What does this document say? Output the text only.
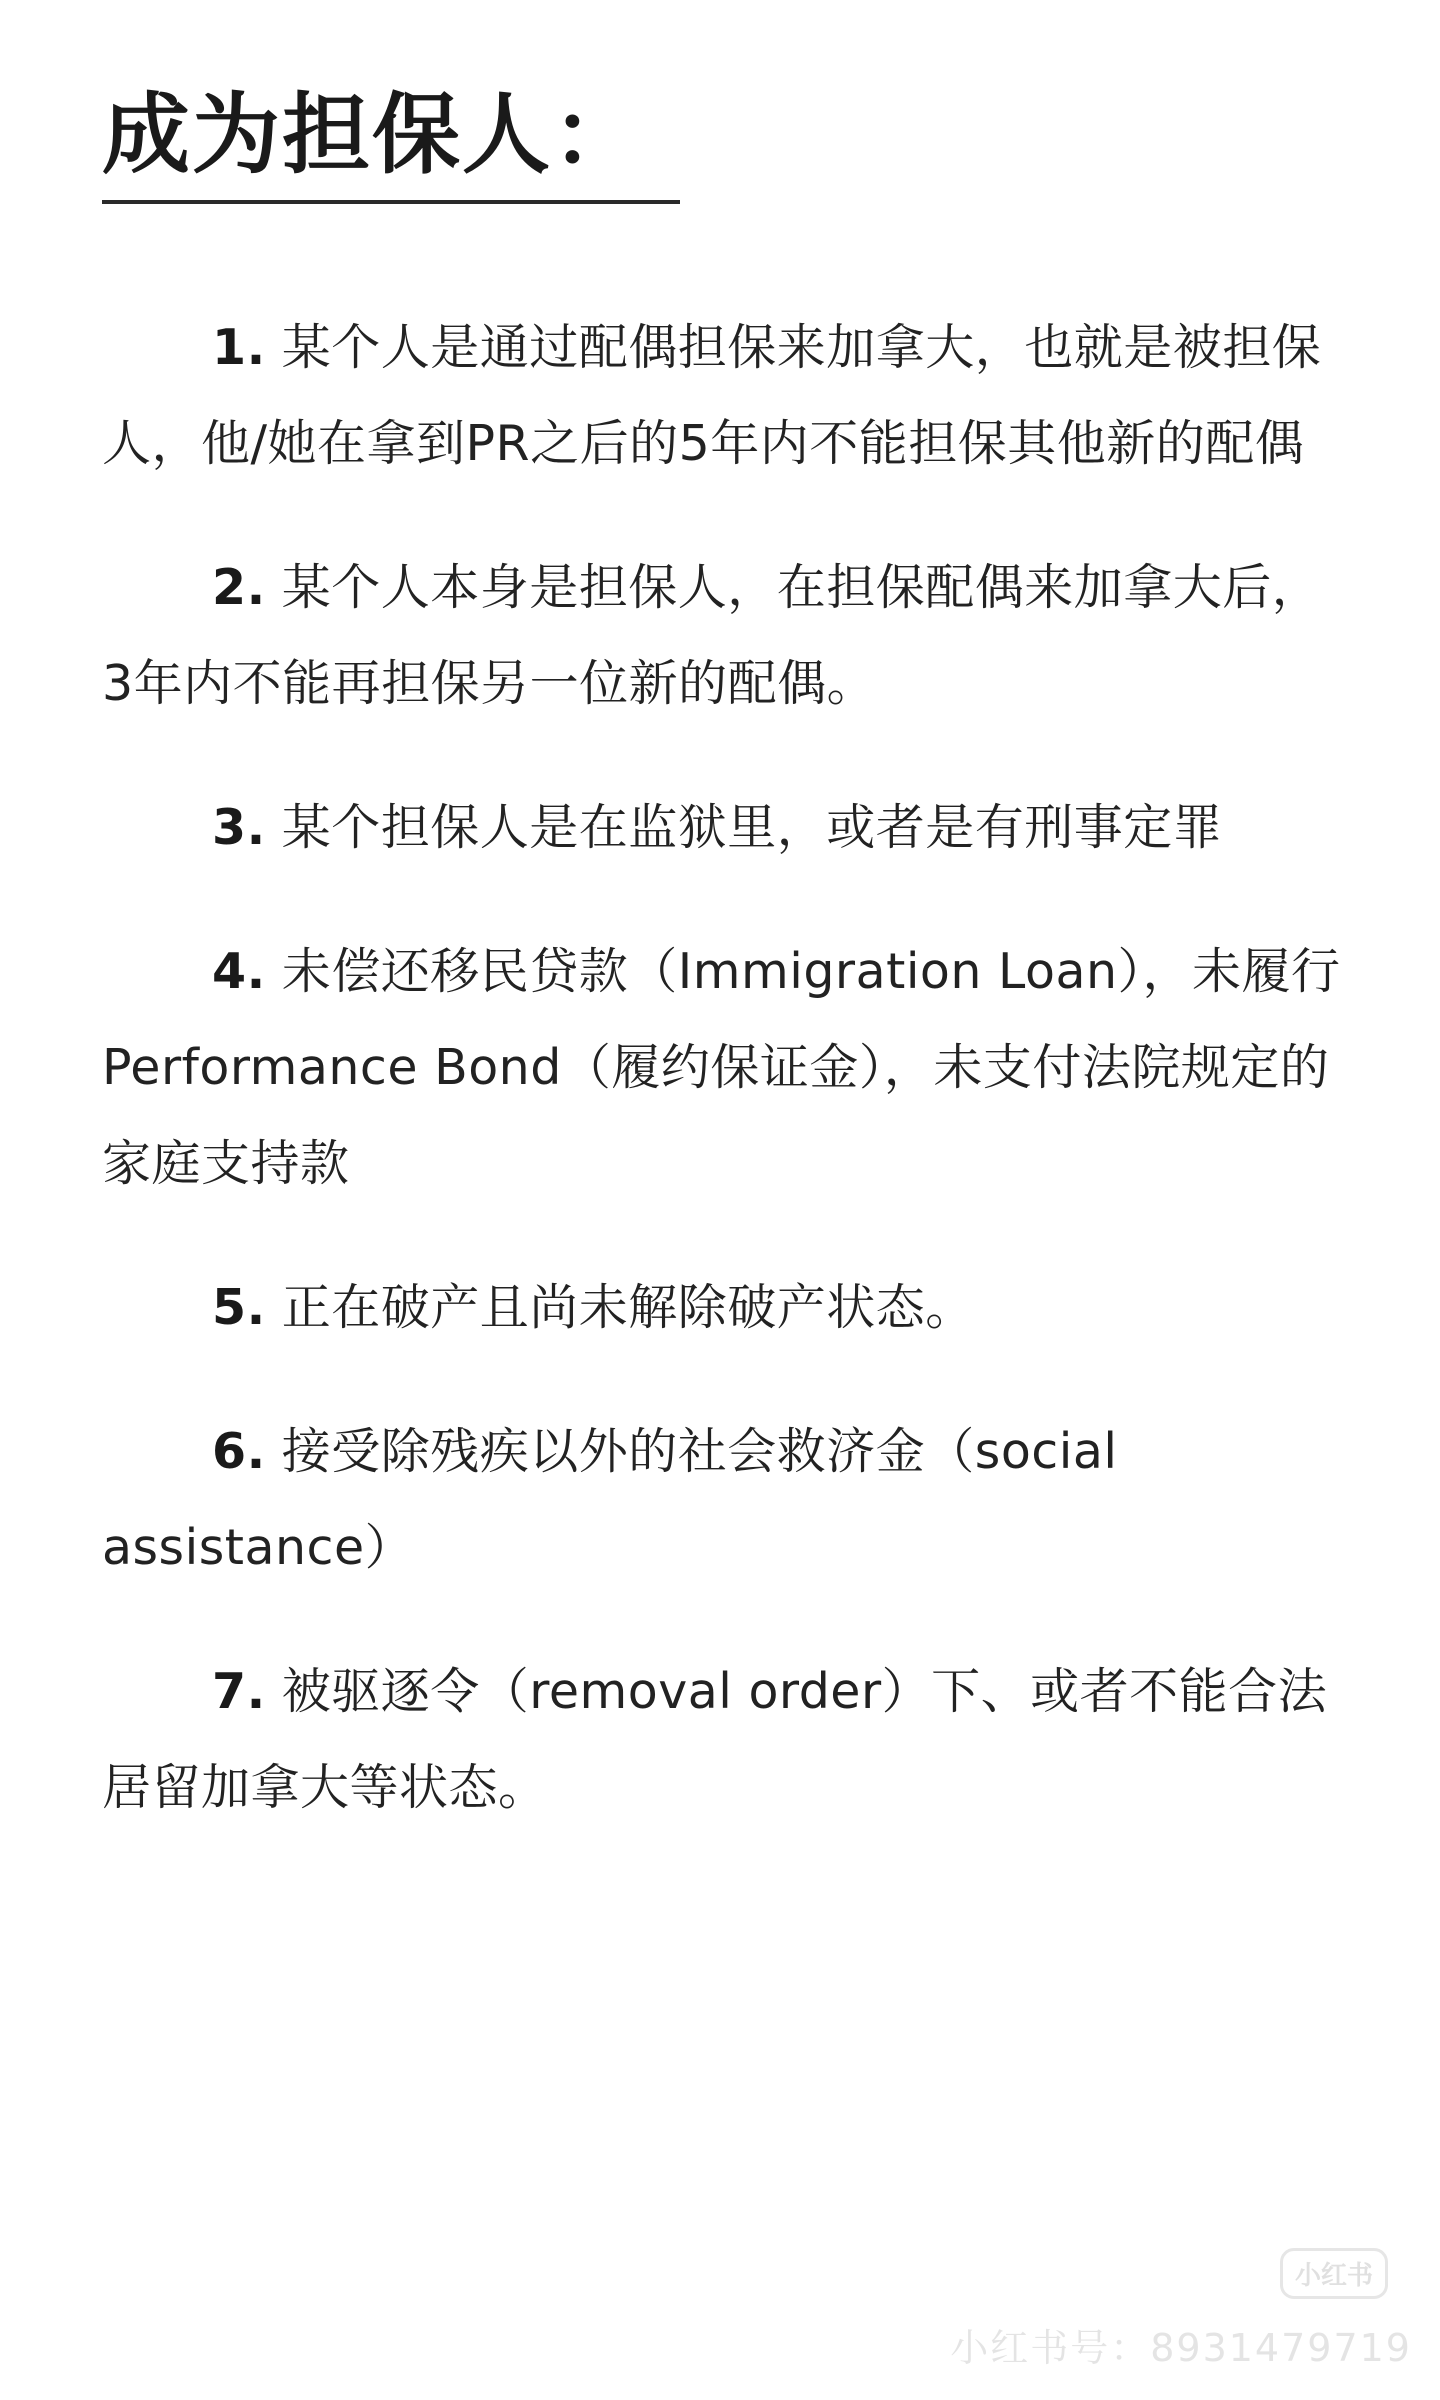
成为担保人：

1. 某个人是通过配偶担保来加拿大，也就是被担保人，他/她在拿到PR之后的5年内不能担保其他新的配偶

2. 某个人本身是担保人，在担保配偶来加拿大后，3年内不能再担保另一位新的配偶。

3. 某个担保人是在监狱里，或者是有刑事定罪

4. 未偿还移民贷款（Immigration Loan），未履行Performance Bond（履约保证金），未支付法院规定的家庭支持款

5. 正在破产且尚未解除破产状态。

6. 接受除残疾以外的社会救济金（social assistance）

7. 被驱逐令（removal order）下、或者不能合法居留加拿大等状态。

小红书
小红书号：8931479719
